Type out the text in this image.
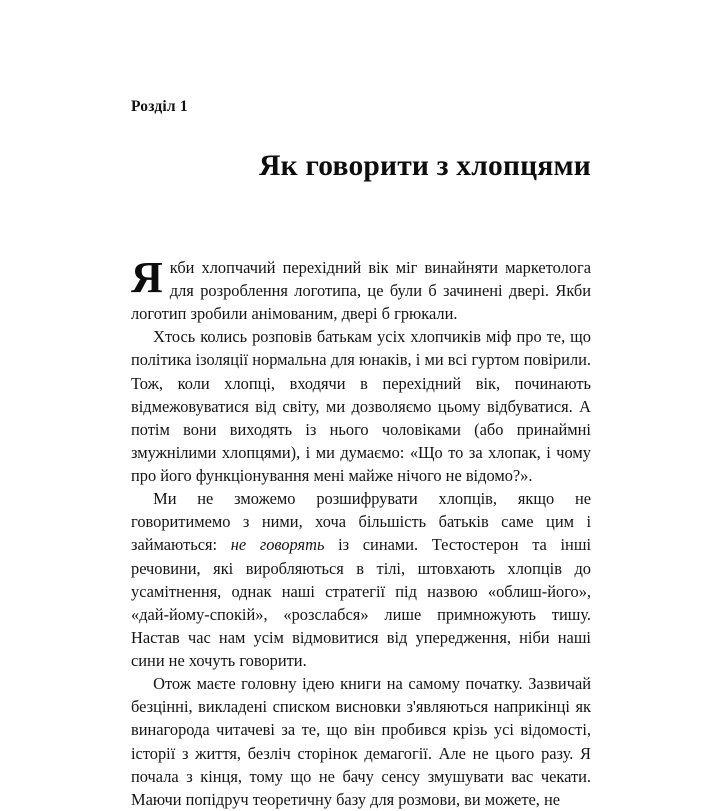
Розділ 1
Як говорити з хлопцями

Якби хлопчачий перехідний вік міг винайняти маркетолога для розроблення логотипа, це були б зачинені двері. Якби логотип зробили анімованим, двері б грюкали.

Хтось колись розповів батькам усіх хлопчиків міф про те, що політика ізоляції нормальна для юнаків, і ми всі гуртом повірили. Тож, коли хлопці, входячи в перехідний вік, починають відмежовуватися від світу, ми дозволяємо цьому відбуватися. А потім вони виходять із нього чоловіками (або принаймні змужнілими хлопцями), і ми думаємо: «Що то за хлопак, і чому про його функціонування мені майже нічого не відомо?».

Ми не зможемо розшифрувати хлопців, якщо не говоритимемо з ними, хоча більшість батьків саме цим і займаються: не говорять із синами. Тестостерон та інші речовини, які виробляються в тілі, штовхають хлопців до усамітнення, однак наші стратегії під назвою «облиш-його», «дай-йому-спокій», «розслабся» лише примножують тишу. Настав час нам усім відмовитися від упередження, ніби наші сини не хочуть говорити.

Отож маєте головну ідею книги на самому початку. Зазвичай безцінні, викладені списком висновки з'являються наприкінці як винагорода читачеві за те, що він пробився крізь усі відомості, історії з життя, безліч сторінок демагогії. Але не цього разу. Я почала з кінця, тому що не бачу сенсу змушувати вас чекати. Маючи попідруч теоретичну базу для розмови, ви можете, не
